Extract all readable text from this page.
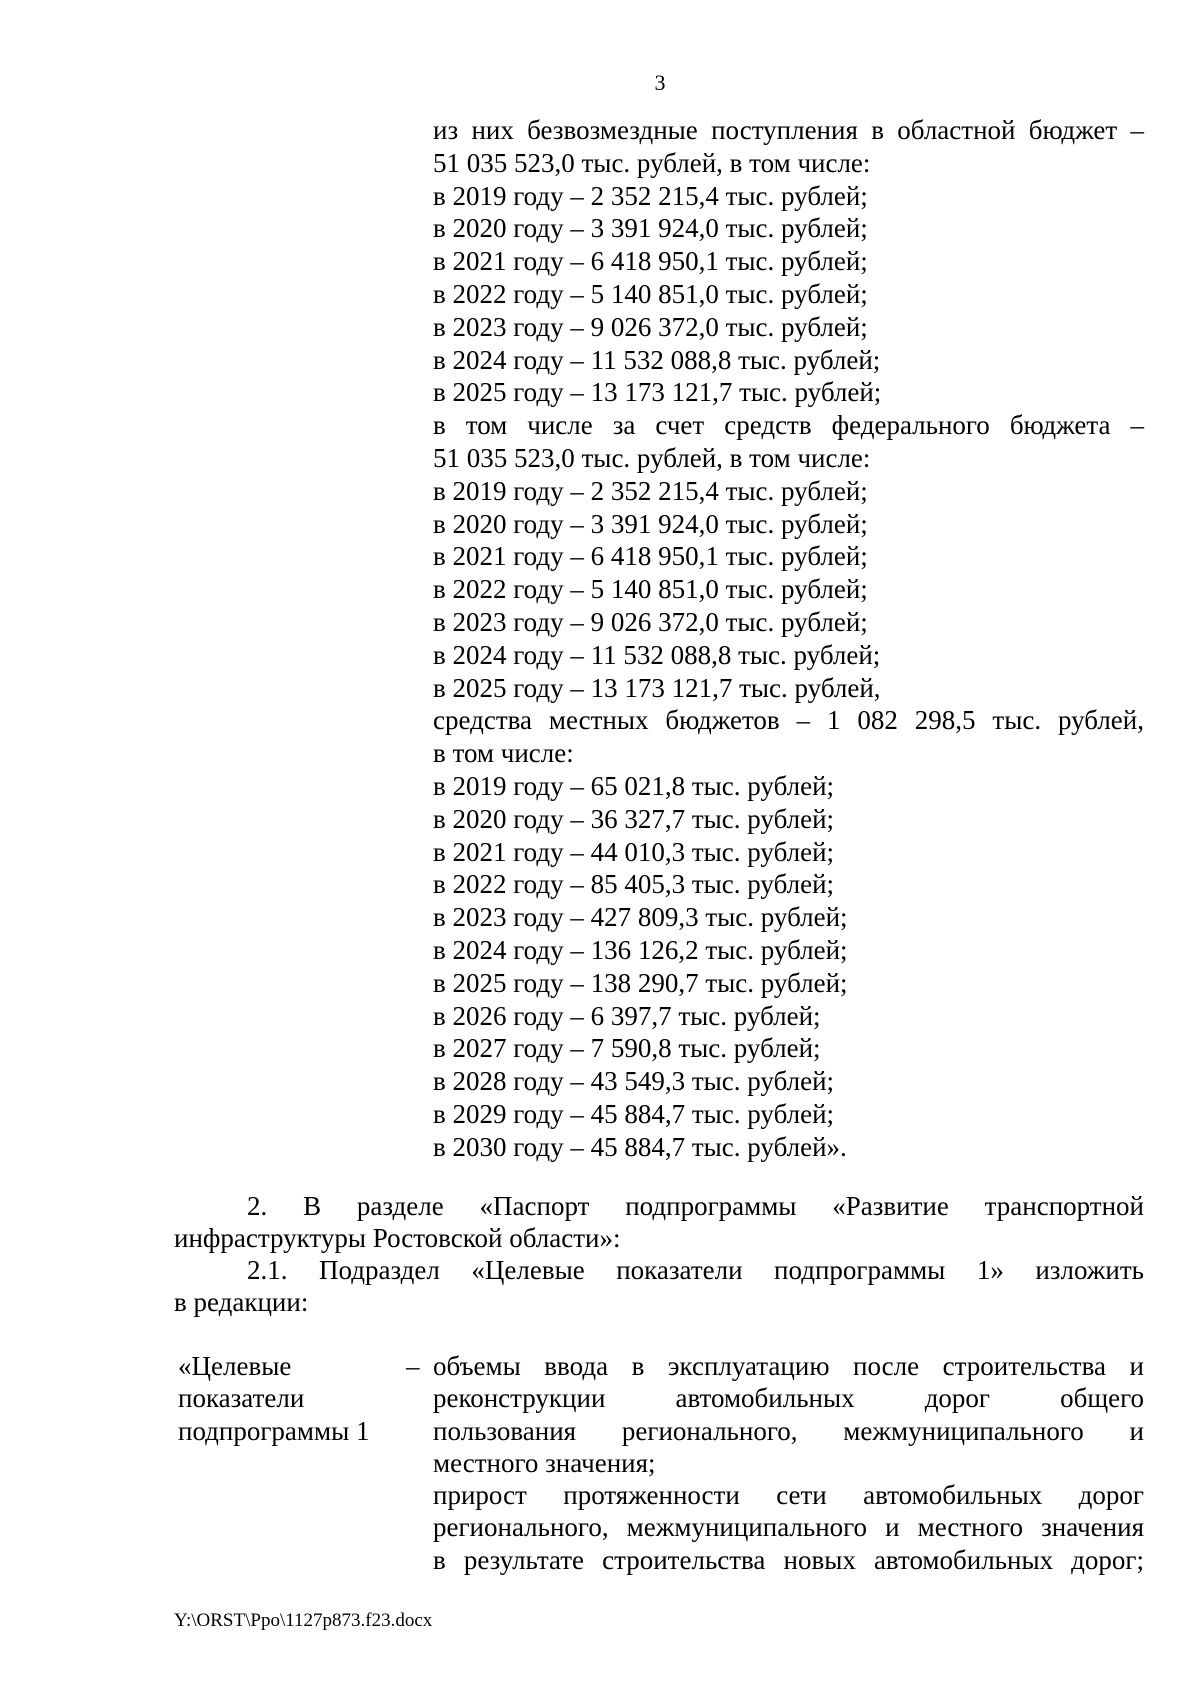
3
из них безвозмездные поступления в областной бюджет –
51 035 523,0 тыс. рублей, в том числе:
в 2019 году – 2 352 215,4 тыс. рублей;
в 2020 году – 3 391 924,0 тыс. рублей;
в 2021 году – 6 418 950,1 тыс. рублей;
в 2022 году – 5 140 851,0 тыс. рублей;
в 2023 году – 9 026 372,0 тыс. рублей;
в 2024 году – 11 532 088,8 тыс. рублей;
в 2025 году – 13 173 121,7 тыс. рублей;
в том числе за счет средств федерального бюджета –
51 035 523,0 тыс. рублей, в том числе:
в 2019 году – 2 352 215,4 тыс. рублей;
в 2020 году – 3 391 924,0 тыс. рублей;
в 2021 году – 6 418 950,1 тыс. рублей;
в 2022 году – 5 140 851,0 тыс. рублей;
в 2023 году – 9 026 372,0 тыс. рублей;
в 2024 году – 11 532 088,8 тыс. рублей;
в 2025 году – 13 173 121,7 тыс. рублей,
средства местных бюджетов – 1 082 298,5 тыс. рублей,
в том числе:
в 2019 году – 65 021,8 тыс. рублей;
в 2020 году – 36 327,7 тыс. рублей;
в 2021 году – 44 010,3 тыс. рублей;
в 2022 году – 85 405,3 тыс. рублей;
в 2023 году – 427 809,3 тыс. рублей;
в 2024 году – 136 126,2 тыс. рублей;
в 2025 году – 138 290,7 тыс. рублей;
в 2026 году – 6 397,7 тыс. рублей;
в 2027 году – 7 590,8 тыс. рублей;
в 2028 году – 43 549,3 тыс. рублей;
в 2029 году – 45 884,7 тыс. рублей;
в 2030 году – 45 884,7 тыс. рублей».
2. В разделе «Паспорт подпрограммы «Развитие транспортной
инфраструктуры Ростовской области»:
2.1. Подраздел «Целевые показатели подпрограммы 1» изложить
в редакции:
«Целевые
показатели
подпрограммы 1
– объемы ввода в эксплуатацию после строительства и
реконструкции автомобильных дорог общего
пользования регионального, межмуниципального и
местного значения;
прирост протяженности сети автомобильных дорог
регионального, межмуниципального и местного значения
в результате строительства новых автомобильных дорог;
Y:\ORST\Ppo\1127p873.f23.docx
